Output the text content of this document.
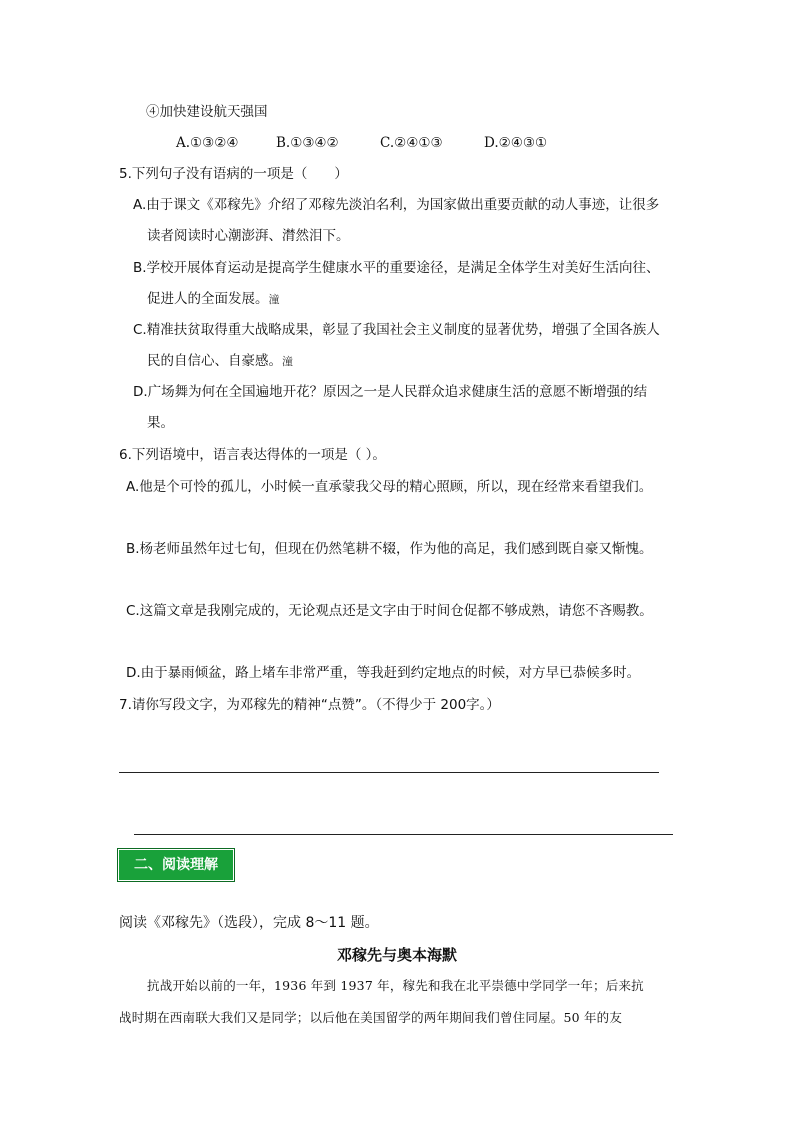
④加快建设航天强国
A.①③②④	B.①③④②	C.②④①③	D.②④③①
5.下列句子没有语病的一项是（　　）
A.由于课文《邓稼先》介绍了邓稼先淡泊名利，为国家做出重要贡献的动人事迹，让很多
读者阅读时心潮澎湃、潸然泪下。
B.学校开展体育运动是提高学生健康水平的重要途径，是满足全体学生对美好生活向往、
促进人的全面发展。潼
C.精准扶贫取得重大战略成果，彰显了我国社会主义制度的显著优势，增强了全国各族人
民的自信心、自豪感。潼
D.广场舞为何在全国遍地开花？原因之一是人民群众追求健康生活的意愿不断增强的结
果。
6.下列语境中，语言表达得体的一项是（ ）。
A.他是个可怜的孤儿，小时候一直承蒙我父母的精心照顾，所以，现在经常来看望我们。
B.杨老师虽然年过七旬，但现在仍然笔耕不辍，作为他的高足，我们感到既自豪又惭愧。
C.这篇文章是我刚完成的，无论观点还是文字由于时间仓促都不够成熟，请您不吝赐教。
D.由于暴雨倾盆，路上堵车非常严重，等我赶到约定地点的时候，对方早已恭候多时。
7.请你写段文字，为邓稼先的精神“点赞”。（不得少于 200字。）
二、阅读理解
阅读《邓稼先》（选段），完成 8～11 题。
邓稼先与奥本海默
抗战开始以前的一年，1936 年到 1937 年，稼先和我在北平崇德中学同学一年；后来抗
战时期在西南联大我们又是同学；以后他在美国留学的两年期间我们曾住同屋。50 年的友
